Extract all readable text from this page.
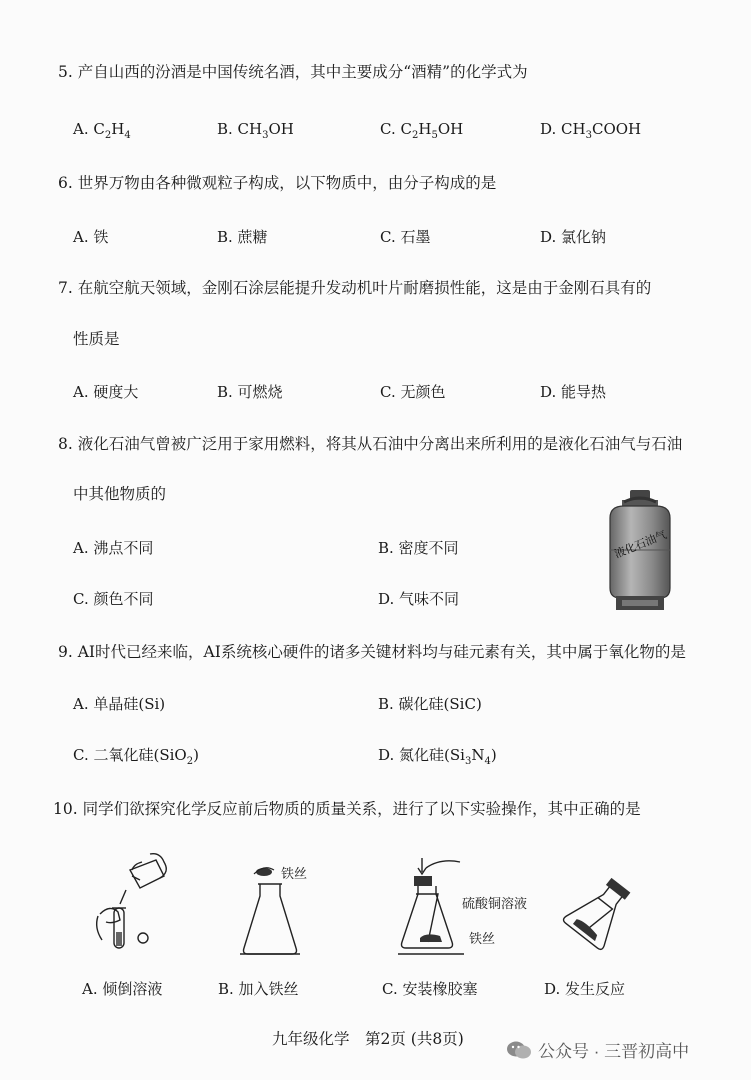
5. 产自山西的汾酒是中国传统名酒，其中主要成分“酒精”的化学式为
A. $C_2H_4$	B. $CH_3OH$	C. $C_2H_5OH$	D. $CH_3COOH$
6. 世界万物由各种微观粒子构成，以下物质中，由分子构成的是
A. 铁	B. 蔗糖	C. 石墨	D. 氯化钠
7. 在航空航天领域，金刚石涂层能提升发动机叶片耐磨损性能，这是由于金刚石具有的
性质是
A. 硬度大	B. 可燃烧	C. 无颜色	D. 能导热
8. 液化石油气曾被广泛用于家用燃料，将其从石油中分离出来所利用的是液化石油气与石油
中其他物质的
A. 沸点不同	B. 密度不同
C. 颜色不同	D. 气味不同
液化石油气
9. AI时代已经来临，AI系统核心硬件的诸多关键材料均与硅元素有关，其中属于氧化物的是
A. 单晶硅(Si)	B. 碳化硅(SiC)
C. 二氧化硅(SiO$_2$)	D. 氮化硅$(Si_3N_4)$
10. 同学们欲探究化学反应前后物质的质量关系，进行了以下实验操作，其中正确的是
铁丝
硫酸铜溶液
铁丝
A. 倾倒溶液	B. 加入铁丝	C. 安装橡胶塞	D. 发生反应
九年级化学　第2页 (共8页)
公众号 · 三晋初高中
